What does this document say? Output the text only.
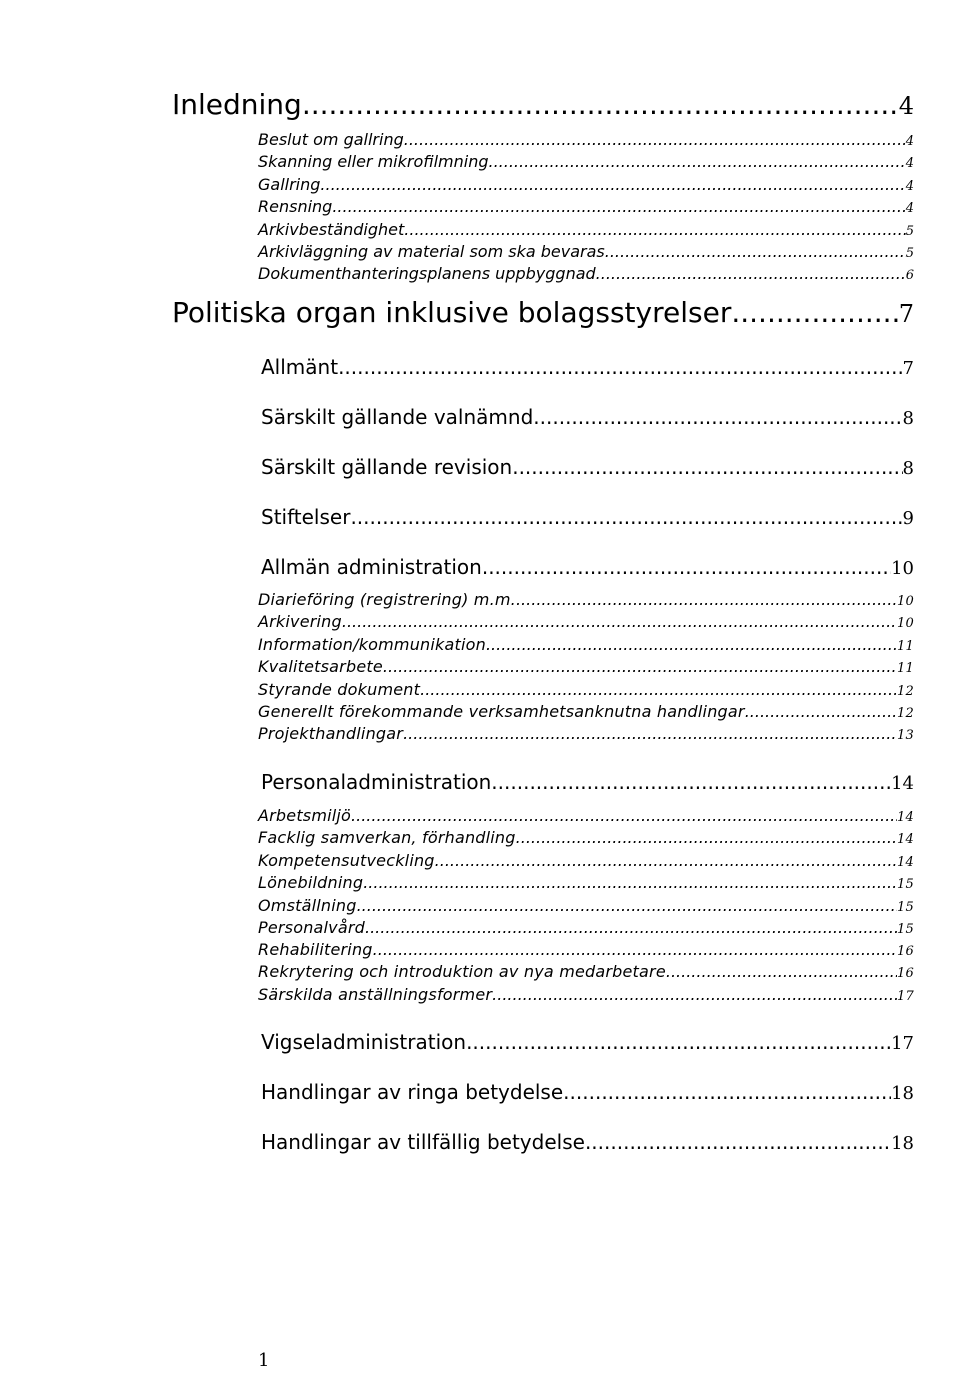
Inledning .....	4
Beslut om gallring .....	4
Skanning eller mikrofilmning .....	4
Gallring .....	4
Rensning .....	4
Arkivbeständighet .....	5
Arkivläggning av material som ska bevaras .....	5
Dokumenthanteringsplanens uppbyggnad .....	6
Politiska organ inklusive bolagsstyrelser .....	7
Allmänt .....	7
Särskilt gällande valnämnd .....	8
Särskilt gällande revision .....	8
Stiftelser .....	9
Allmän administration .....	10
Diarieföring (registrering) m.m. .....	10
Arkivering .....	10
Information/kommunikation .....	11
Kvalitetsarbete .....	11
Styrande dokument .....	12
Generellt förekommande verksamhetsanknutna handlingar .....	12
Projekthandlingar .....	13
Personaladministration .....	14
Arbetsmiljö .....	14
Facklig samverkan, förhandling .....	14
Kompetensutveckling .....	14
Lönebildning .....	15
Omställning .....	15
Personalvård .....	15
Rehabilitering .....	16
Rekrytering och introduktion av nya medarbetare .....	16
Särskilda anställningsformer .....	17
Vigseladministration .....	17
Handlingar av ringa betydelse .....	18
Handlingar av tillfällig betydelse .....	18
1
